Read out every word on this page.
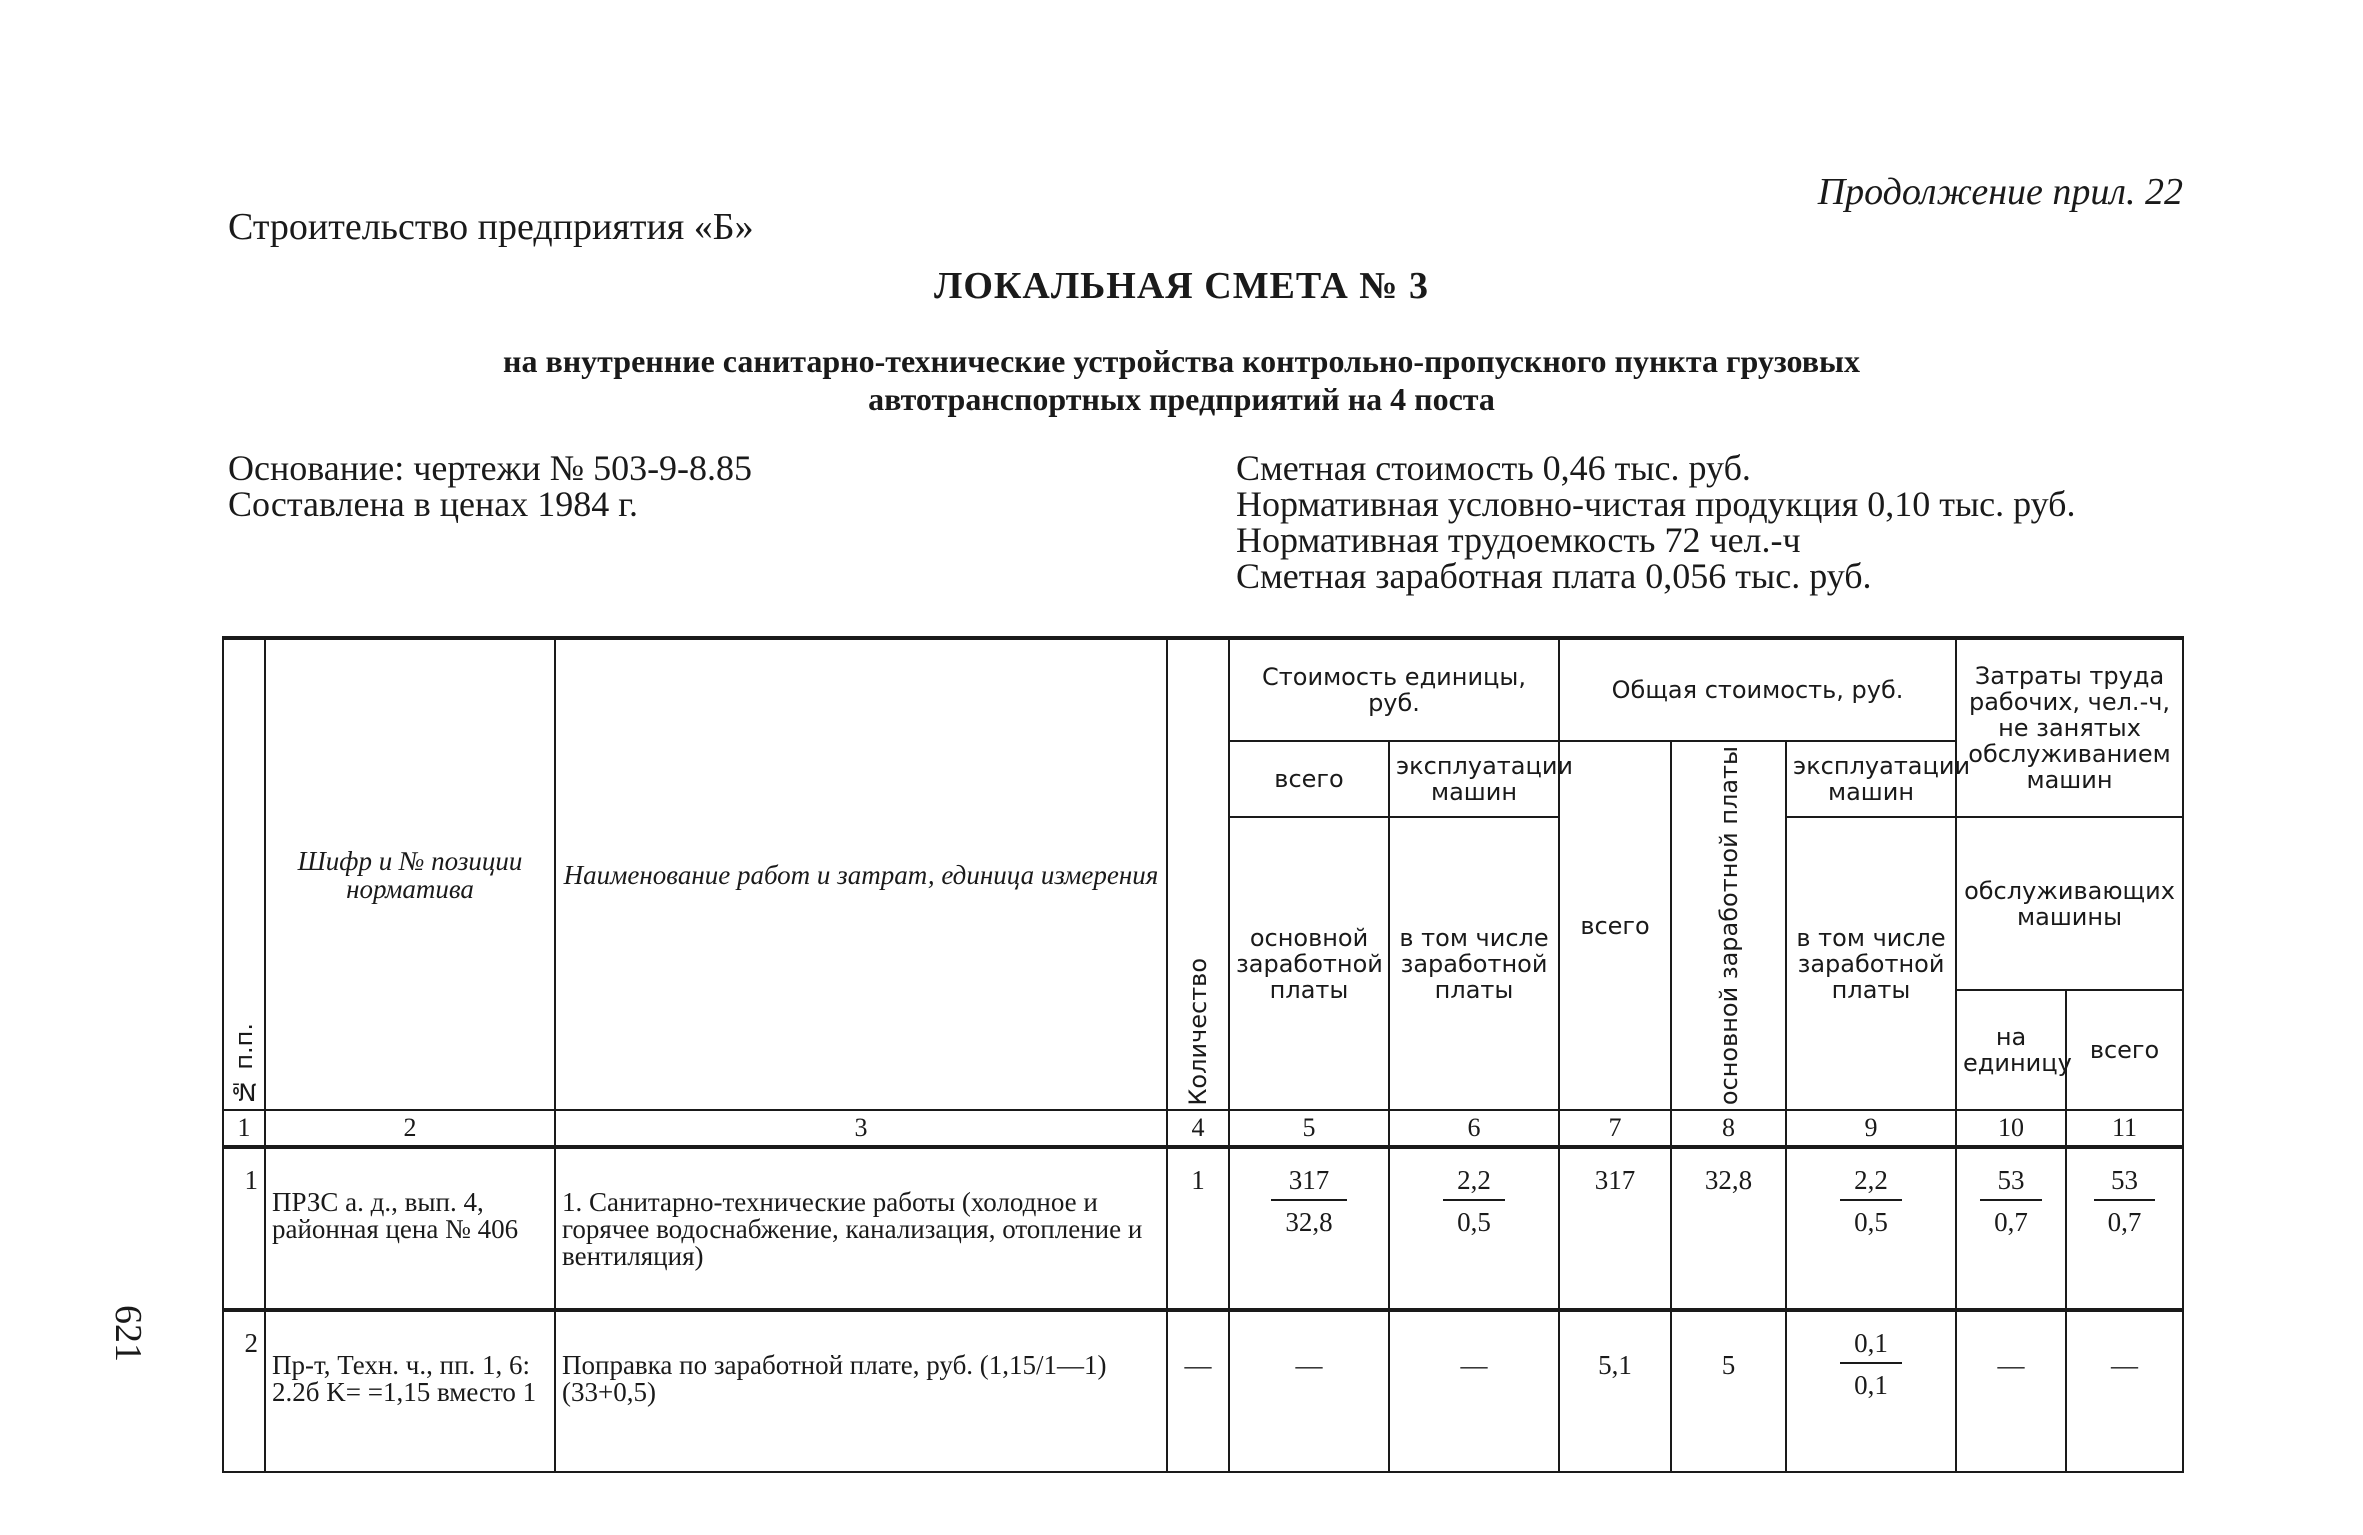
Продолжение прил. 22
Строительство предприятия «Б»
ЛОКАЛЬНАЯ СМЕТА № 3
на внутренние санитарно-технические устройства контрольно-пропускного пункта грузовых
автотранспортных предприятий на 4 поста
Основание: чертежи № 503-9-8.85
Составлена в ценах 1984 г.
Сметная стоимость 0,46 тыс. руб.
Нормативная условно-чистая продукция 0,10 тыс. руб.
Нормативная трудоемкость 72 чел.-ч
Сметная заработная плата 0,056 тыс. руб.
№ п.п.	Шифр и № позиции норматива	Наименование работ и затрат, единица измерения	Количество	Стоимость единицы, руб.		Общая стоимость, руб.			Затраты труда рабочих, чел.-ч, не занятых обслуживанием машин	
				всего	эксплуатации машин	всего	основной заработной платы	эксплуатации машин		
				основной заработной платы	в том числе заработной платы			в том числе заработной платы	обслуживающих машины	
									на единицу	всего
1	2	3	4	5	6	7	8	9	10	11
1	ПРЗС а. д., вып. 4, районная цена № 406	1. Санитарно-технические работы (холодное и горячее водоснабжение, канализация, отопление и вентиляция)	1	$\frac{317}{32,8}$	$\frac{2,2}{0,5}$	317	32,8	$\frac{2,2}{0,5}$	$\frac{53}{0,7}$	$\frac{53}{0,7}$

2	Пр-т, Техн. ч., пп. 1, 6: 2.2б K= =1,15 вместо 1	Поправка по заработной плате, руб. (1,15/1—1) (33+0,5)	—	—	—	5,1	5	$\frac{0,1}{0,1}$	—	—
621
